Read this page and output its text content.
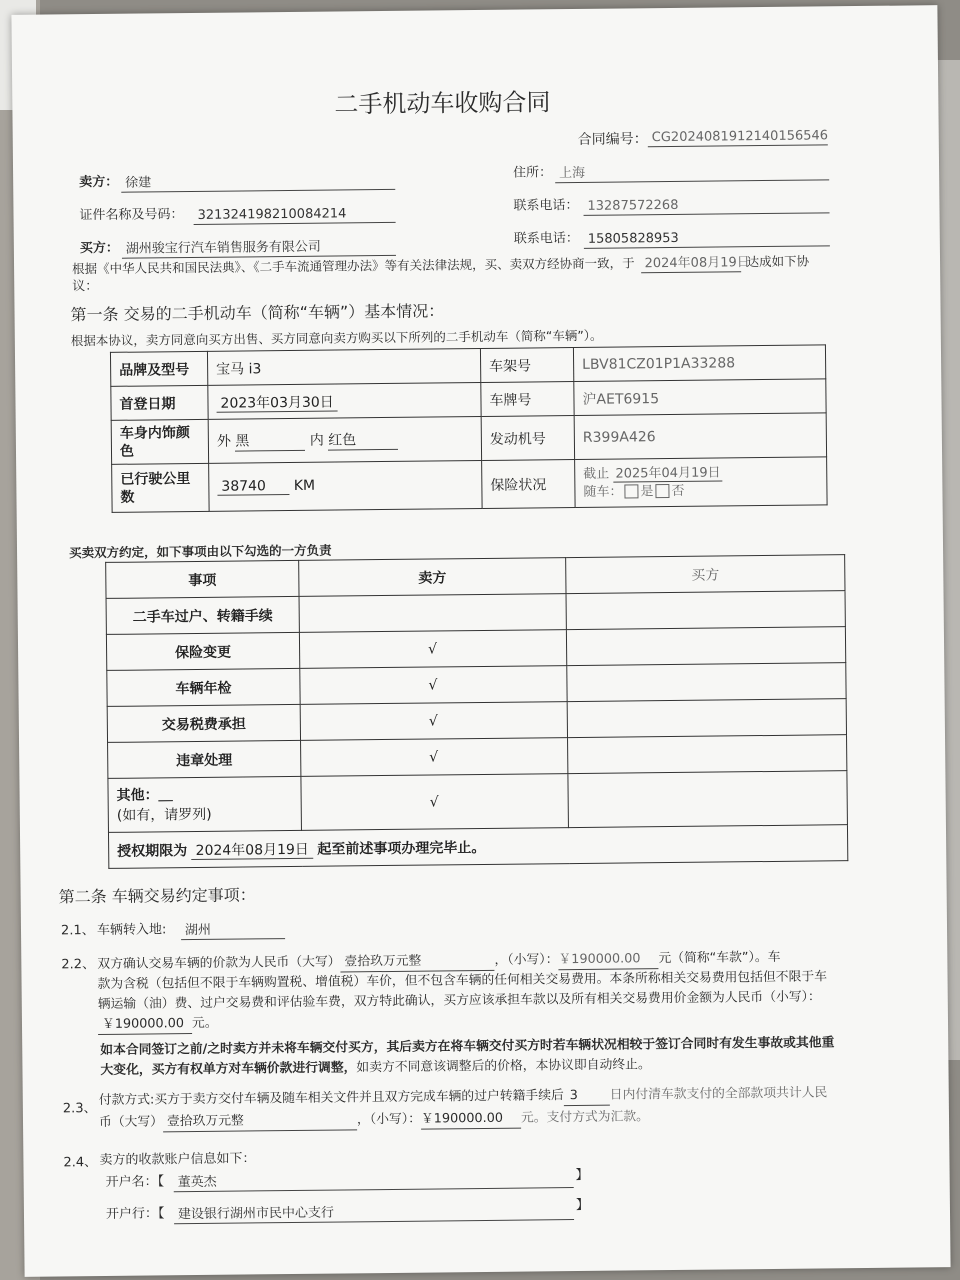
二手机动车收购合同
合同编号： CG2024081912140156546
卖方： 徐建
住所： 上海
证件名称及号码：	321324198210084214
联系电话： 13287572268
买方： 湖州骏宝行汽车销售服务有限公司
联系电话： 15805828953
根据《中华人民共和国民法典》、《二手车流通管理办法》等有关法律法规，买、卖双方经协商一致，于 2024年08月19日 达成如下协
议：
第一条 交易的二手机动车（简称“车辆”）基本情况：
根据本协议，卖方同意向买方出售、买方同意向卖方购买以下所列的二手机动车（简称“车辆”）。
品牌及型号	宝马 i3	车架号	LBV81CZ01P1A33288
首登日期	2023年03月30日	车牌号	沪AET6915
车身内饰颜色	外 黑 内 红色	发动机号	R399A426
已行驶公里数	38740 KM	保险状况	截止 2025年04月19日
随车： 是 否
买卖双方约定，如下事项由以下勾选的一方负责
事项	卖方	买方
二手车过户、转籍手续		
保险变更	√	
车辆年检	√	
交易税费承担	√	
违章处理	√	

其他：＿
(如有，请罗列)	√	
授权期限为 2024年08月19日 起至前述事项办理完毕止。		
第二条 车辆交易约定事项：
2.1、 车辆转入地:	湖州
2.2、 双方确认交易车辆的价款为人民币（大写） 壹拾玖万元整	，（小写）：￥190000.00 元（简称“车款”）。车
款为含税（包括但不限于车辆购置税、增值税）车价，但不包含车辆的任何相关交易费用。本条所称相关交易费用包括但不限于车
辆运输（油）费、过户交易费和评估验车费，双方特此确认，买方应该承担车款以及所有相关交易费用价金额为人民币（小写）：
￥190000.00 元。
如本合同签订之前/之时卖方并未将车辆交付买方，其后卖方在将车辆交付买方时若车辆状况相较于签订合同时有发生事故或其他重
大变化，买方有权单方对车辆价款进行调整，如卖方不同意该调整后的价格，本协议即自动终止。
2.3、
付款方式:买方于卖方交付车辆及随车相关文件并且双方完成车辆的过户转籍手续后 3 日内付清车款支付的全部款项共计人民
币（大写） 壹拾玖万元整	，（小写）：￥190000.00 元。支付方式为汇款。
2.4、 卖方的收款账户信息如下：
开户名：【	董英杰	】
开户行：【	建设银行湖州市民中心支行
】
